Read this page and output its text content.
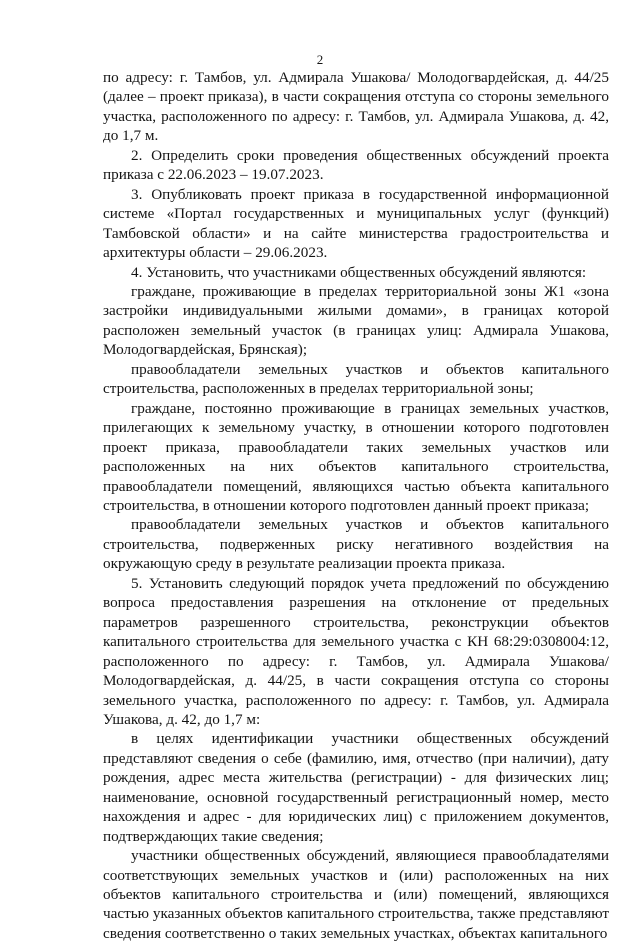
2

по адресу: г. Тамбов, ул. Адмирала Ушакова/ Молодогвардейская, д. 44/25 (далее – проект приказа), в части сокращения отступа со стороны земельного участка, расположенного по адресу: г. Тамбов, ул. Адмирала Ушакова, д. 42, до 1,7 м.

2. Определить сроки проведения общественных обсуждений проекта приказа с 22.06.2023 – 19.07.2023.

3. Опубликовать проект приказа в государственной информационной системе «Портал государственных и муниципальных услуг (функций) Тамбовской области» и на сайте министерства градостроительства и архитектуры области – 29.06.2023.

4. Установить, что участниками общественных обсуждений являются:

граждане, проживающие в пределах территориальной зоны Ж1 «зона застройки индивидуальными жилыми домами», в границах которой расположен земельный участок (в границах улиц: Адмирала Ушакова, Молодогвардейская, Брянская);

правообладатели земельных участков и объектов капитального строительства, расположенных в пределах территориальной зоны;

граждане, постоянно проживающие в границах земельных участков, прилегающих к земельному участку, в отношении которого подготовлен проект приказа, правообладатели таких земельных участков или расположенных на них объектов капитального строительства, правообладатели помещений, являющихся частью объекта капитального строительства, в отношении которого подготовлен данный проект приказа;

правообладатели земельных участков и объектов капитального строительства, подверженных риску негативного воздействия на окружающую среду в результате реализации проекта приказа.

5. Установить следующий порядок учета предложений по обсуждению вопроса предоставления разрешения на отклонение от предельных параметров разрешенного строительства, реконструкции объектов капитального строительства для земельного участка с КН 68:29:0308004:12, расположенного по адресу: г. Тамбов, ул. Адмирала Ушакова/ Молодогвардейская, д. 44/25, в части сокращения отступа со стороны земельного участка, расположенного по адресу: г. Тамбов, ул. Адмирала Ушакова, д. 42, до 1,7 м:

в целях идентификации участники общественных обсуждений представляют сведения о себе (фамилию, имя, отчество (при наличии), дату рождения, адрес места жительства (регистрации) - для физических лиц; наименование, основной государственный регистрационный номер, место нахождения и адрес - для юридических лиц) с приложением документов, подтверждающих такие сведения;

участники общественных обсуждений, являющиеся правообладателями соответствующих земельных участков и (или) расположенных на них объектов капитального строительства и (или) помещений, являющихся частью указанных объектов капитального строительства, также представляют сведения соответственно о таких земельных участках, объектах капитального
